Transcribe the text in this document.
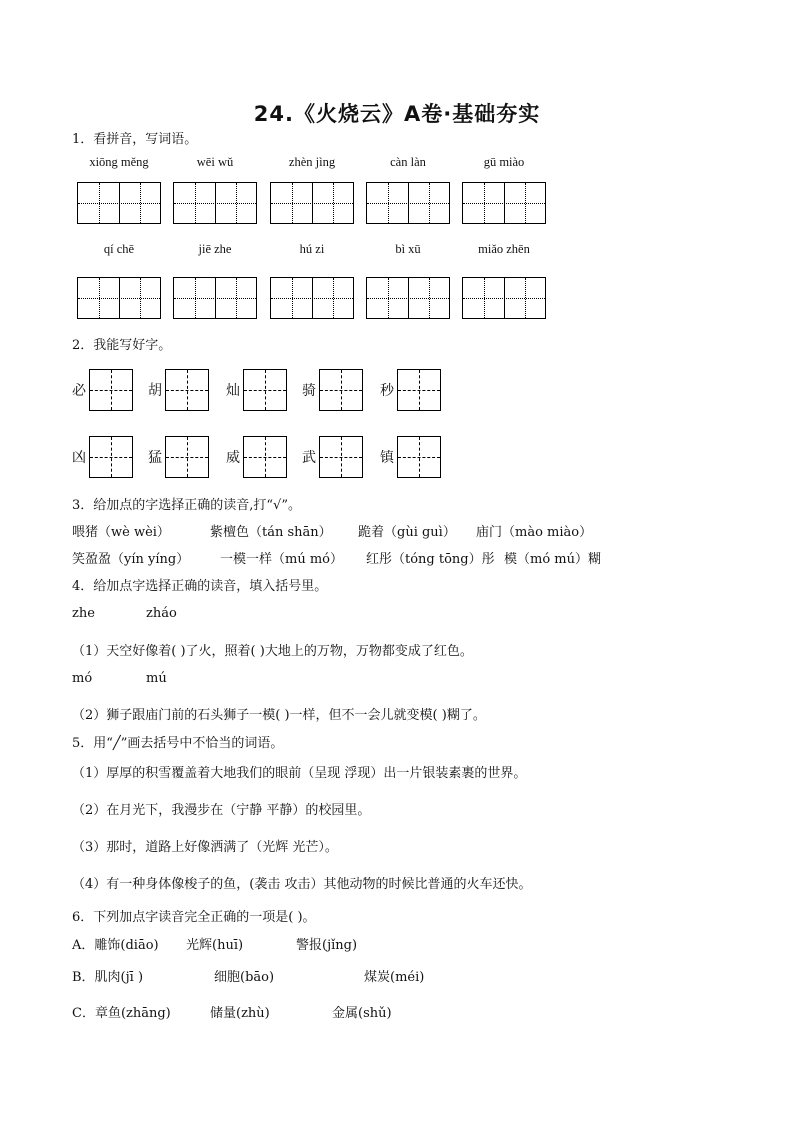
24.《火烧云》A卷·基础夯实
1．看拼音，写词语。
2．我能写好字。
3．给加点的字选择正确的读音,打“√”。
喂猪（wè wèi）	紫檀色（tán shān） 跪着（gùi guì） 庙门（mào miào）
笑盈盈（yín yíng） 一模一样（mú mó） 红彤（tóng tōng）彤 模（mó mú）糊
4．给加点字选择正确的读音，填入括号里。
zhe	zháo
（1）天空好像着( )了火，照着( )大地上的万物，万物都变成了红色。
mó	mú
（2）狮子跟庙门前的石头狮子一模( )一样，但不一会儿就变模( )糊了。
5．用“╱”画去括号中不恰当的词语。
（1）厚厚的积雪覆盖着大地我们的眼前（呈现 浮现）出一片银装素裹的世界。
（2）在月光下，我漫步在（宁静 平静）的校园里。
（3）那时，道路上好像洒满了（光辉 光芒）。
（4）有一种身体像梭子的鱼，(袭击 攻击）其他动物的时候比普通的火车还快。
6．下列加点字读音完全正确的一项是( )。
A．雕饰(diāo) 光辉(huī)	警报(jǐng)
B．肌肉(jī )	细胞(bāo)	煤炭(méi)
C．章鱼(zhāng)	储量(zhù)	金属(shǔ)
xiōng měng	wēi wǔ	zhèn jìng	càn làn	gū miào
qí chē	jiē zhe	hú zi	bì xū	miǎo zhēn
必	胡	灿	骑	秒
凶	猛	威	武	镇
